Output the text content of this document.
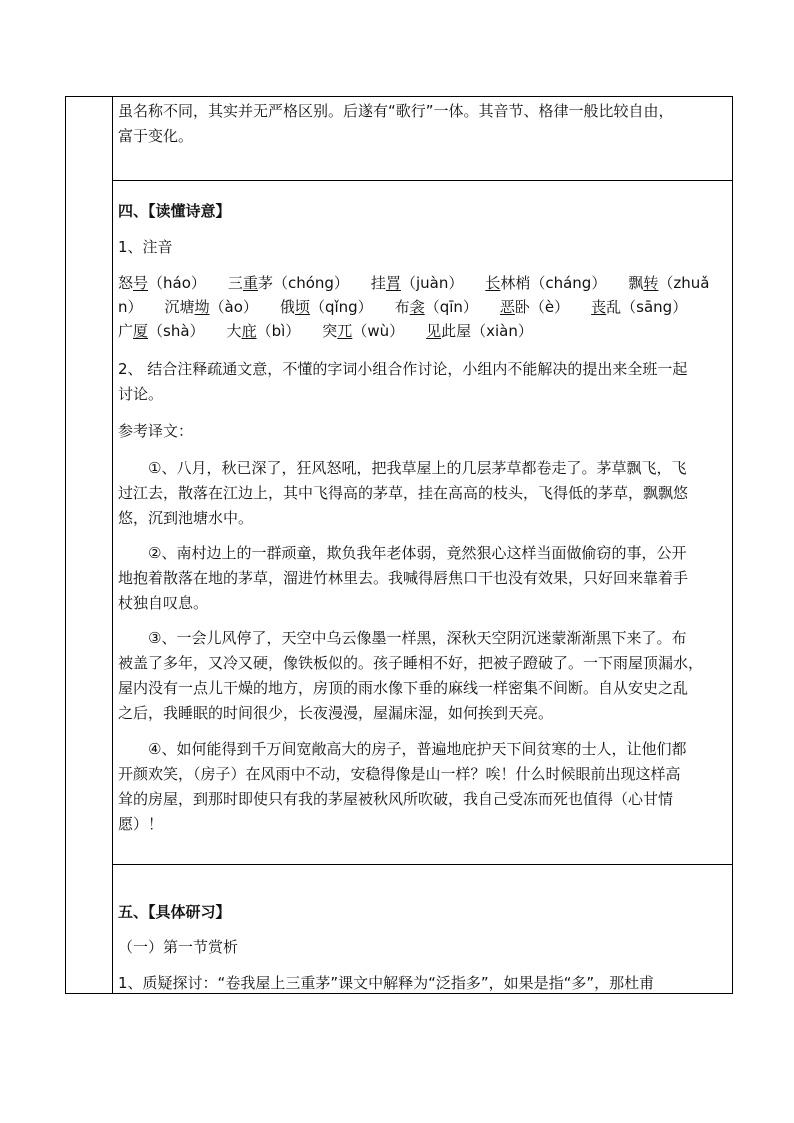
虽名称不同，其实并无严格区别。后遂有“歌行”一体。其音节、格律一般比较自由，

富于变化。

四、【读懂诗意】

1、注音

怒号（háo） 三重茅（chóng） 挂罥（juàn） 长林梢（cháng） 飘转（zhuǎ
n） 沉塘坳（ào） 俄顷（qǐng） 布衾（qīn） 恶卧（è） 丧乱（sāng）
广厦（shà） 大庇（bì） 突兀（wù） 见此屋（xiàn）

2、 结合注释疏通文意，不懂的字词小组合作讨论，小组内不能解决的提出来全班一起

讨论。

参考译文：

①、八月，秋已深了，狂风怒吼，把我草屋上的几层茅草都卷走了。茅草飘飞，飞

过江去，散落在江边上，其中飞得高的茅草，挂在高高的枝头，飞得低的茅草，飘飘悠

悠，沉到池塘水中。

②、南村边上的一群顽童，欺负我年老体弱，竟然狠心这样当面做偷窃的事，公开

地抱着散落在地的茅草，溜进竹林里去。我喊得唇焦口干也没有效果，只好回来靠着手

杖独自叹息。

③、一会儿风停了，天空中乌云像墨一样黑，深秋天空阴沉迷蒙渐渐黑下来了。布

被盖了多年，又冷又硬，像铁板似的。孩子睡相不好，把被子蹬破了。一下雨屋顶漏水，

屋内没有一点儿干燥的地方，房顶的雨水像下垂的麻线一样密集不间断。自从安史之乱

之后，我睡眠的时间很少，长夜漫漫，屋漏床湿，如何挨到天亮。

④、如何能得到千万间宽敞高大的房子，普遍地庇护天下间贫寒的士人，让他们都

开颜欢笑，（房子）在风雨中不动，安稳得像是山一样？唉！什么时候眼前出现这样高

耸的房屋，到那时即使只有我的茅屋被秋风所吹破，我自己受冻而死也值得（心甘情

愿）！

五、【具体研习】

（一）第一节赏析

1、质疑探讨：“卷我屋上三重茅”课文中解释为“泛指多”，如果是指“多”，那杜甫
